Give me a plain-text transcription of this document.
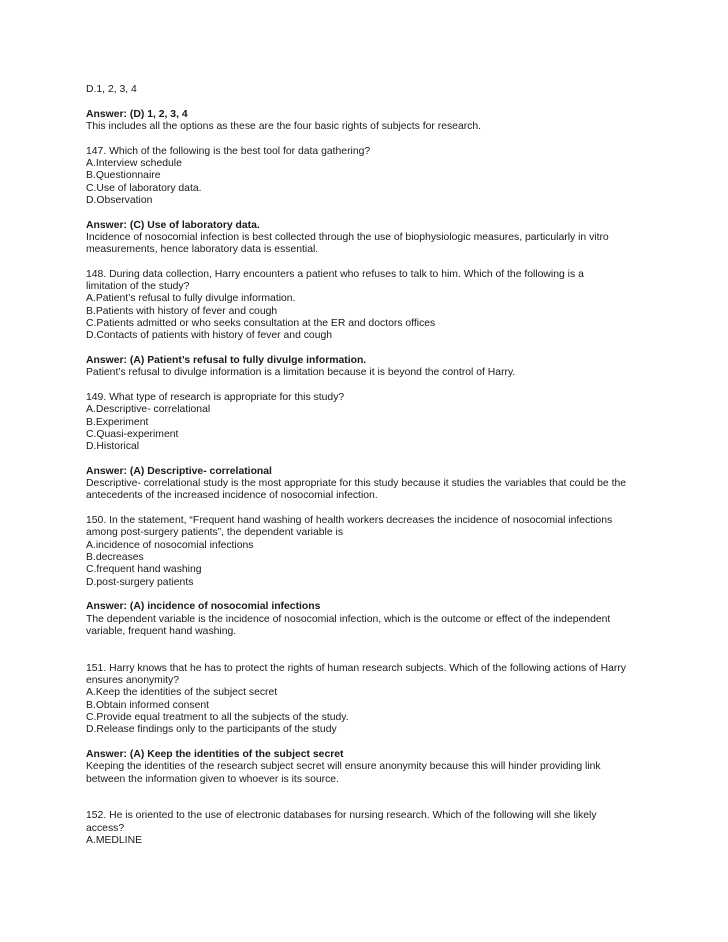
D.1, 2, 3, 4
Answer: (D) 1, 2, 3, 4
This includes all the options as these are the four basic rights of subjects for research.
147. Which of the following is the best tool for data gathering?
A.Interview schedule
B.Questionnaire
C.Use of laboratory data.
D.Observation
Answer: (C) Use of laboratory data.
Incidence of nosocomial infection is best collected through the use of biophysiologic measures, particularly in vitro
measurements, hence laboratory data is essential.
148. During data collection, Harry encounters a patient who refuses to talk to him. Which of the following is a
limitation of the study?
A.Patient’s refusal to fully divulge information.
B.Patients with history of fever and cough
C.Patients admitted or who seeks consultation at the ER and doctors offices
D.Contacts of patients with history of fever and cough
Answer: (A) Patient’s refusal to fully divulge information.
Patient’s refusal to divulge information is a limitation because it is beyond the control of Harry.
149. What type of research is appropriate for this study?
A.Descriptive- correlational
B.Experiment
C.Quasi-experiment
D.Historical
Answer: (A) Descriptive- correlational
Descriptive- correlational study is the most appropriate for this study because it studies the variables that could be the
antecedents of the increased incidence of nosocomial infection.
150. In the statement, “Frequent hand washing of health workers decreases the incidence of nosocomial infections
among post-surgery patients”, the dependent variable is
A.incidence of nosocomial infections
B.decreases
C.frequent hand washing
D.post-surgery patients
Answer: (A) incidence of nosocomial infections
The dependent variable is the incidence of nosocomial infection, which is the outcome or effect of the independent
variable, frequent hand washing.
151. Harry knows that he has to protect the rights of human research subjects. Which of the following actions of Harry
ensures anonymity?
A.Keep the identities of the subject secret
B.Obtain informed consent
C.Provide equal treatment to all the subjects of the study.
D.Release findings only to the participants of the study
Answer: (A) Keep the identities of the subject secret
Keeping the identities of the research subject secret will ensure anonymity because this will hinder providing link
between the information given to whoever is its source.
152. He is oriented to the use of electronic databases for nursing research. Which of the following will she likely
access?
A.MEDLINE
